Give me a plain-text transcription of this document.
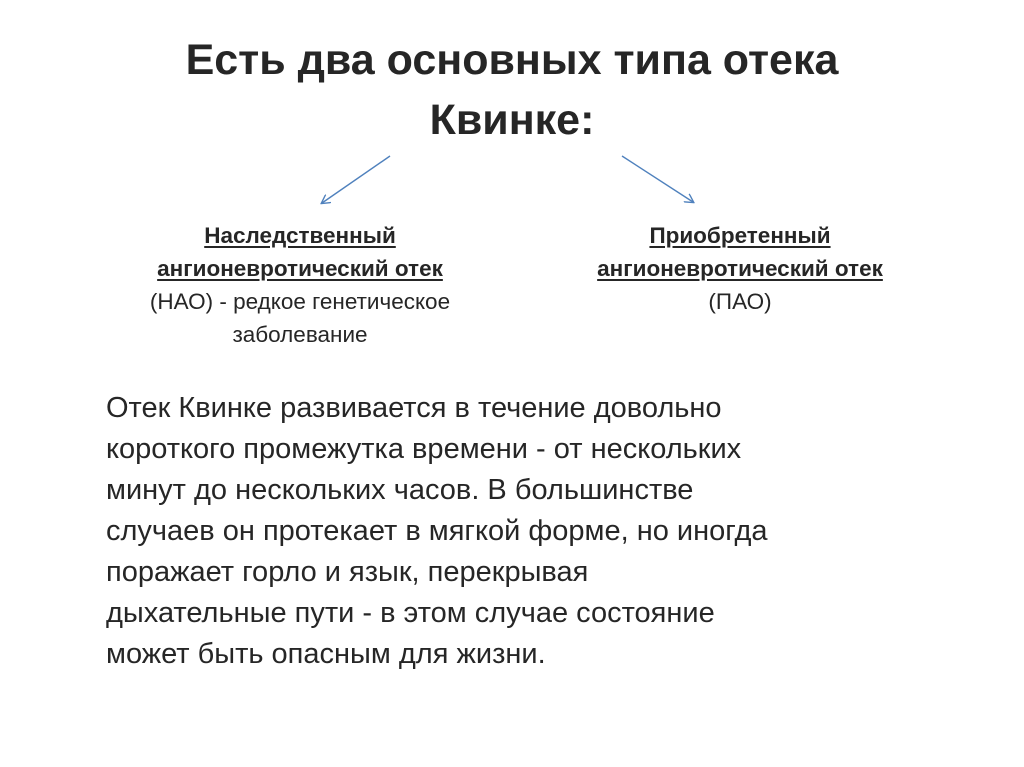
Есть два основных типа отека
Квинке:
Наследственный
ангионевротический отек
(НАО) - редкое генетическое
заболевание
Приобретенный
ангионевротический отек
(ПАО)
Отек Квинке развивается в течение довольно
короткого промежутка времени - от нескольких
минут до нескольких часов. В большинстве
случаев он протекает в мягкой форме, но иногда
поражает горло и язык, перекрывая
дыхательные пути - в этом случае состояние
может быть опасным для жизни.
